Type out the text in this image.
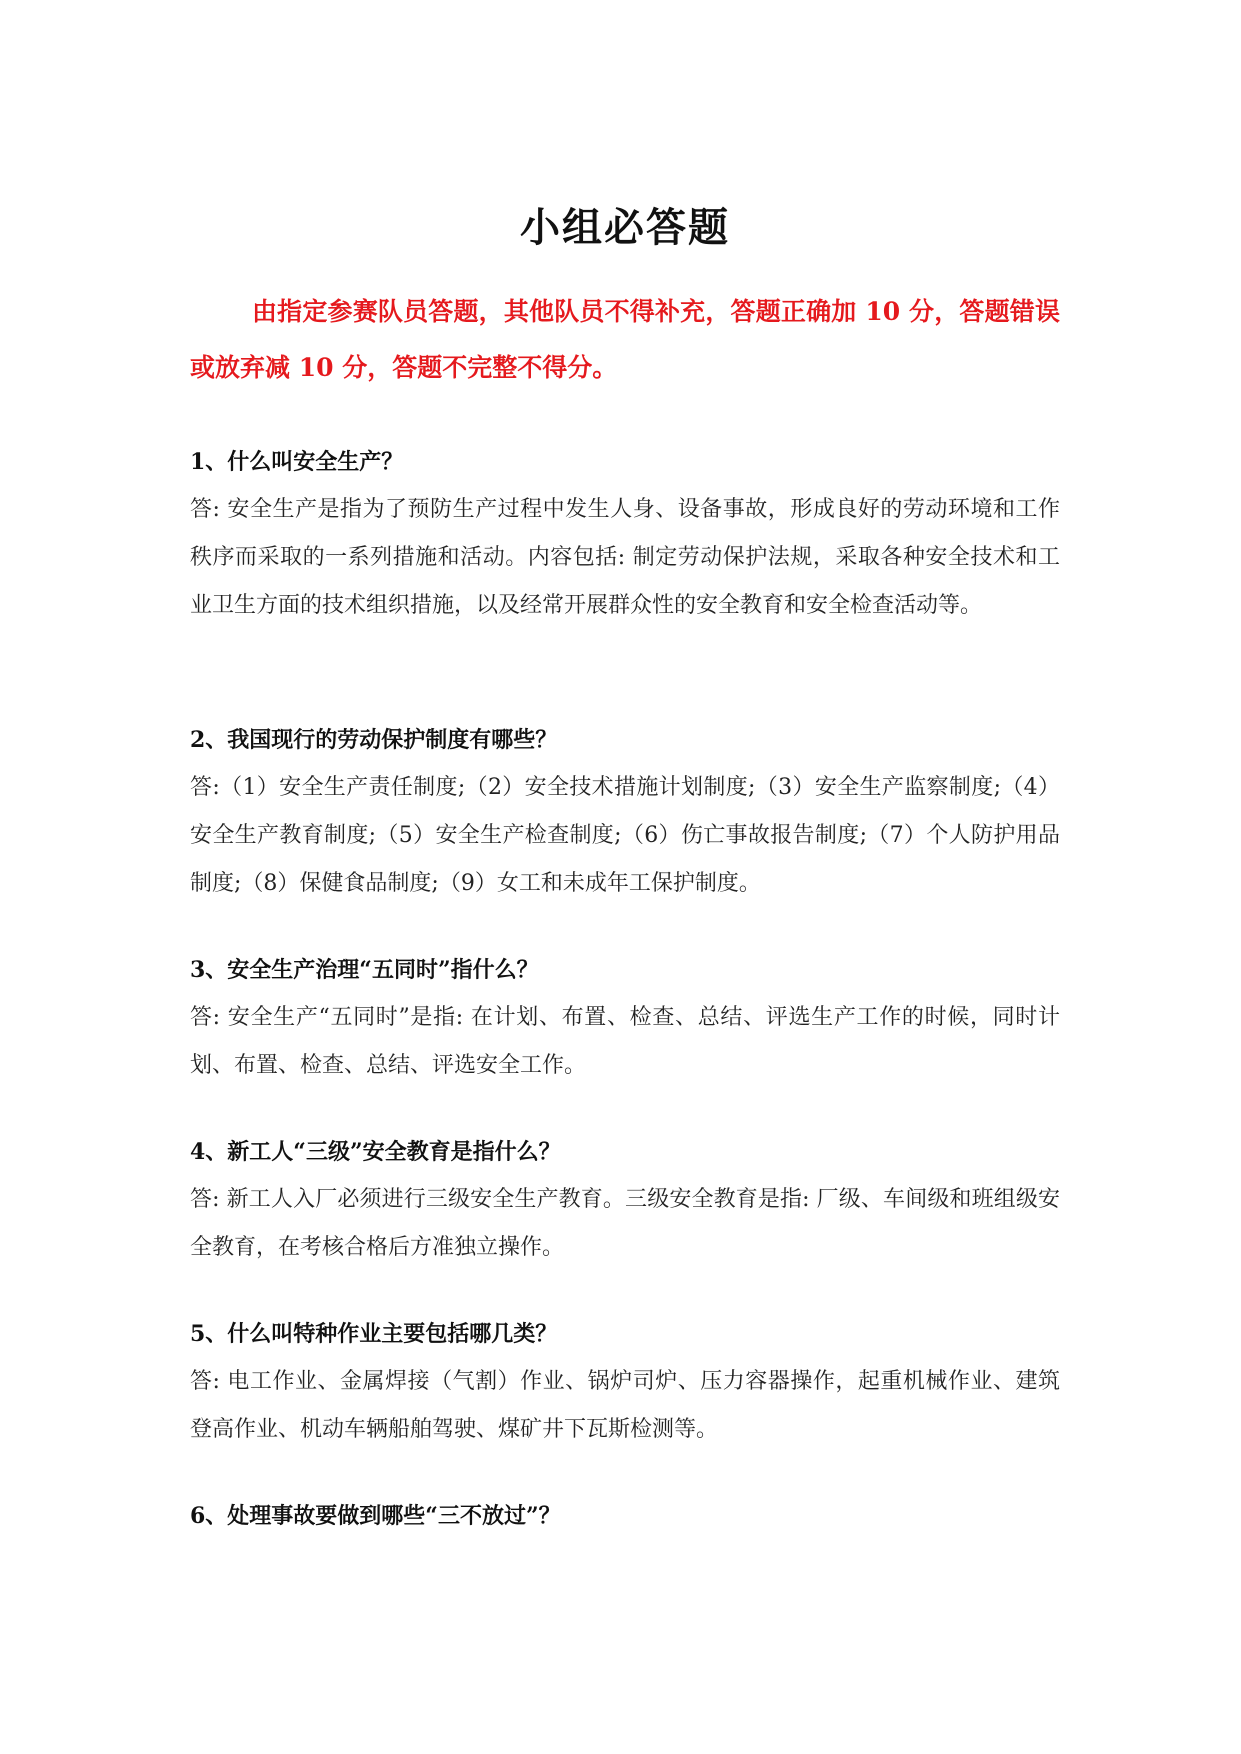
小组必答题

由指定参赛队员答题，其他队员不得补充，答题正确加 10 分，答题错误或放弃减 10 分，答题不完整不得分。

1、什么叫安全生产？

答: 安全生产是指为了预防生产过程中发生人身、设备事故，形成良好的劳动环境和工作秩序而采取的一系列措施和活动。内容包括: 制定劳动保护法规，采取各种安全技术和工业卫生方面的技术组织措施，以及经常开展群众性的安全教育和安全检查活动等。

2、我国现行的劳动保护制度有哪些？

答:（1）安全生产责任制度;（2）安全技术措施计划制度;（3）安全生产监察制度;（4）安全生产教育制度;（5）安全生产检查制度;（6）伤亡事故报告制度;（7）个人防护用品制度;（8）保健食品制度;（9）女工和未成年工保护制度。

3、安全生产治理“五同时”指什么？

答: 安全生产“五同时”是指: 在计划、布置、检查、总结、评选生产工作的时候，同时计划、布置、检查、总结、评选安全工作。

4、新工人“三级”安全教育是指什么？

答: 新工人入厂必须进行三级安全生产教育。三级安全教育是指: 厂级、车间级和班组级安全教育，在考核合格后方准独立操作。

5、什么叫特种作业主要包括哪几类？

答: 电工作业、金属焊接（气割）作业、锅炉司炉、压力容器操作，起重机械作业、建筑登高作业、机动车辆船舶驾驶、煤矿井下瓦斯检测等。

6、处理事故要做到哪些“三不放过”？
